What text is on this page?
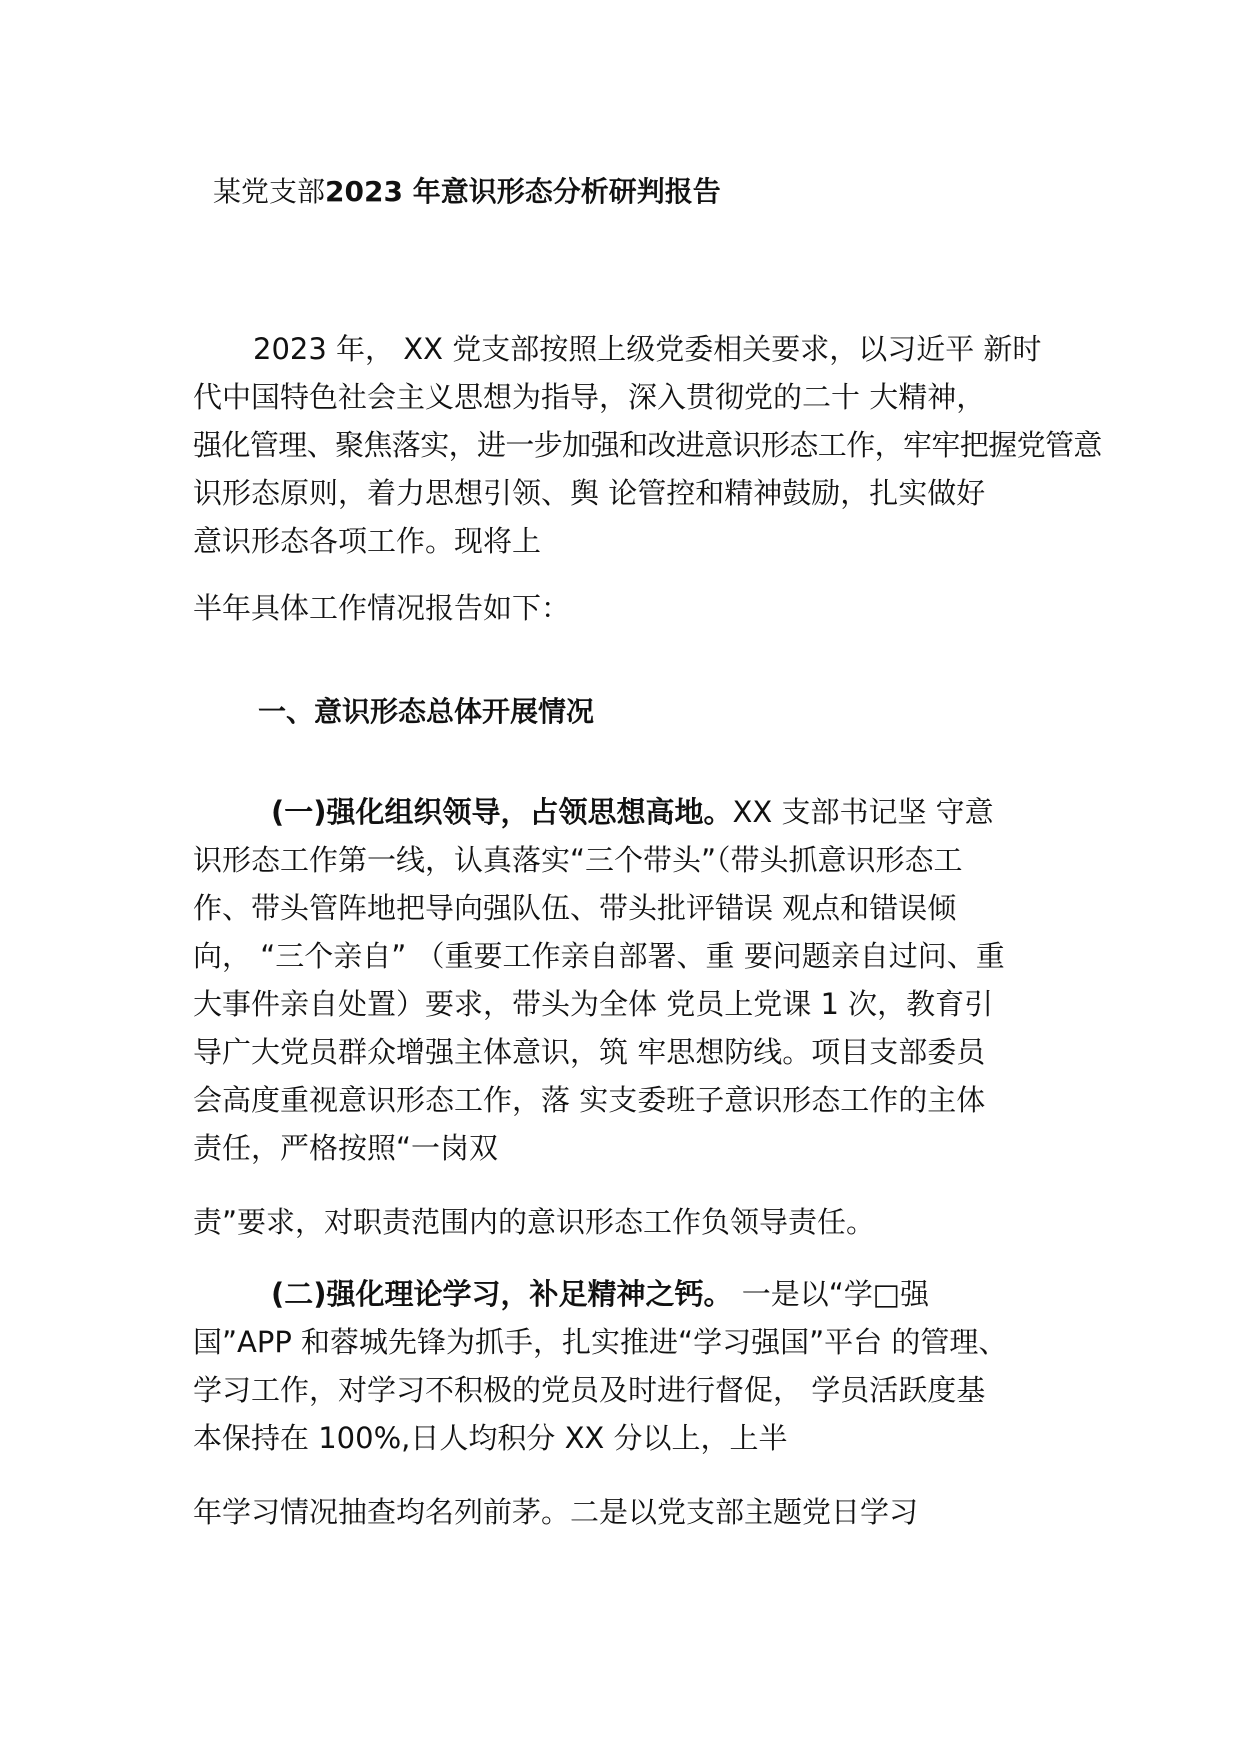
某党支部2023 年意识形态分析研判报告
2023 年， XX 党支部按照上级党委相关要求，以习近平 新时
代中国特色社会主义思想为指导，深入贯彻党的二十 大精神，
强化管理、聚焦落实，进一步加强和改进意识形态工作，牢牢把握党管意
识形态原则，着力思想引领、舆 论管控和精神鼓励，扎实做好
意识形态各项工作。现将上
半年具体工作情况报告如下：
一、意识形态总体开展情况
(一)强化组织领导，占领思想高地。XX 支部书记坚 守意
识形态工作第一线，认真落实“三个带头”（带头抓意识形态工
作、带头管阵地把导向强队伍、带头批评错误 观点和错误倾
向， “三个亲自” （重要工作亲自部署、重 要问题亲自过问、重
大事件亲自处置）要求，带头为全体 党员上党课 1 次，教育引
导广大党员群众增强主体意识，筑 牢思想防线。项目支部委员
会高度重视意识形态工作，落 实支委班子意识形态工作的主体
责任，严格按照“一岗双
责”要求，对职责范围内的意识形态工作负领导责任。
(二)强化理论学习，补足精神之钙。 一是以“学□强
国”APP 和蓉城先锋为抓手，扎实推进“学习强国”平台 的管理、
学习工作，对学习不积极的党员及时进行督促， 学员活跃度基
本保持在 100%,日人均积分 XX 分以上，上半
年学习情况抽查均名列前茅。二是以党支部主题党日学习
